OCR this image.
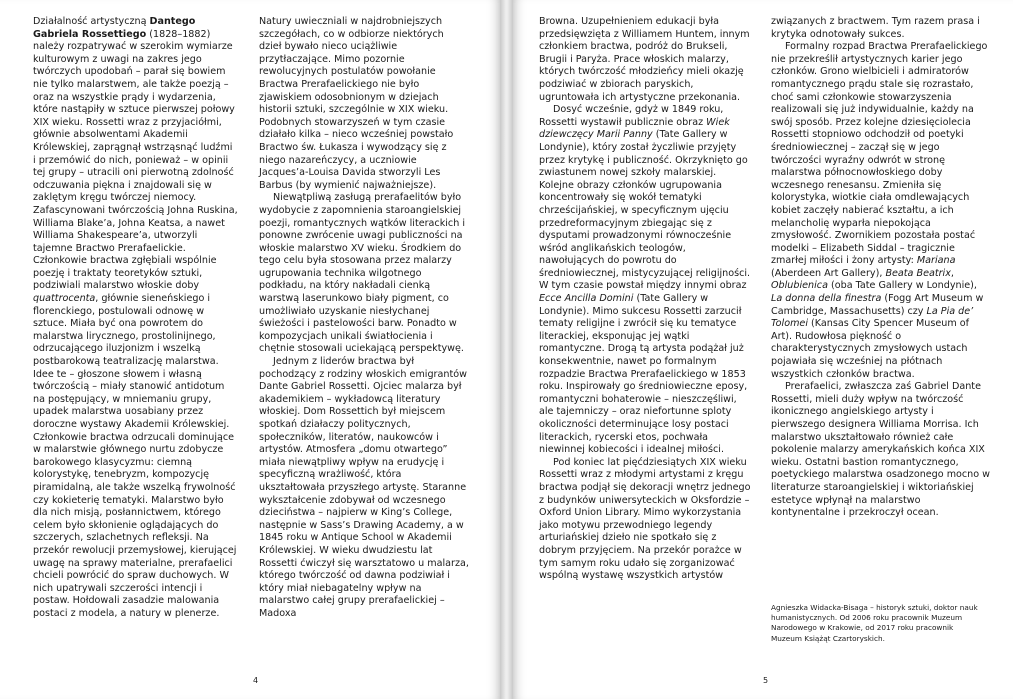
Działalność artystyczną Dantego Gabriela Rossettiego (1828–1882) należy rozpatrywać w szerokim wymiarze kulturowym z uwagi na zakres jego twórczych upodobań – parał się bowiem nie tylko malarstwem, ale także poezją – oraz na wszystkie prądy i wydarzenia, które nastąpiły w sztuce pierwszej połowy XIX wieku. Rossetti wraz z przyjaciółmi, głównie absolwentami Akademii Królewskiej, zaprągnął wstrząsnąć ludźmi i przemówić do nich, ponieważ – w opinii tej grupy – utracili oni pierwotną zdolność odczuwania piękna i znajdowali się w zaklętym kręgu twórczej niemocy. Zafascynowani twórczością Johna Ruskina, Williama Blake’a, Johna Keatsa, a nawet Williama Shakespeare’a, utworzyli tajemne Bractwo Prerafaelickie. Członkowie bractwa zgłębiali wspólnie poezję i traktaty teoretyków sztuki, podziwiali malarstwo włoskie doby quattrocenta, głównie sieneńskiego i florenckiego, postulowali odnowę w sztuce. Miała być ona powrotem do malarstwa lirycznego, prostolinijnego, odrzucającego iluzjonizm i wszelką postbarokową teatralizację malarstwa. Idee te – głoszone słowem i własną twórczością – miały stanowić antidotum na postępujący, w mniemaniu grupy, upadek malarstwa uosabiany przez doroczne wystawy Akademii Królewskiej. Członkowie bractwa odrzucali dominujące w malarstwie głównego nurtu zdobycze barokowego klasycyzmu: ciemną kolorystykę, tenebryzm, kompozycję piramidalną, ale także wszelką frywolność czy kokieterię tematyki. Malarstwo było dla nich misją, posłannictwem, którego celem było skłonienie oglądających do szczerych, szlachetnych refleksji. Na przekór rewolucji przemysłowej, kierującej uwagę na sprawy materialne, prerafaelici chcieli powrócić do spraw duchowych. W nich upatrywali szczerości intencji i postaw. Hołdowali zasadzie malowania postaci z modela, a natury w plenerze.

Natury uwieczniali w najdrobniejszych szczegółach, co w odbiorze niektórych dzieł bywało nieco uciążliwie przytłaczające. Mimo pozornie rewolucyjnych postulatów powołanie Bractwa Prerafaelickiego nie było zjawiskiem odosobnionym w dziejach historii sztuki, szczególnie w XIX wieku. Podobnych stowarzyszeń w tym czasie działało kilka – nieco wcześniej powstało Bractwo św. Łukasza i wywodzący się z niego nazareńczycy, a uczniowie Jacques’a-Louisa Davida stworzyli Les Barbus (by wymienić najważniejsze).

Niewątpliwą zasługą prerafaelitów było wydobycie z zapomnienia staroangielskiej poezji, romantycznych wątków literackich i ponowne zwrócenie uwagi publiczności na włoskie malarstwo XV wieku. Środkiem do tego celu była stosowana przez malarzy ugrupowania technika wilgotnego podkładu, na który nakładali cienką warstwą laserunkowo biały pigment, co umożliwiało uzyskanie niesłychanej świeżości i pastelowości barw. Ponadto w kompozycjach unikali światłocienia i chętnie stosowali uciekającą perspektywę.

Jednym z liderów bractwa był pochodzący z rodziny włoskich emigrantów Dante Gabriel Rossetti. Ojciec malarza był akademikiem – wykładowcą literatury włoskiej. Dom Rossettich był miejscem spotkań działaczy politycznych, społeczników, literatów, naukowców i artystów. Atmosfera „domu otwartego” miała niewątpliwy wpływ na erudycję i specyficzną wrażliwość, która ukształtowała przyszłego artystę. Staranne wykształcenie zdobywał od wczesnego dzieciństwa – najpierw w King’s College, następnie w Sass’s Drawing Academy, a w 1845 roku w Antique School w Akademii Królewskiej. W wieku dwudziestu lat Rossetti ćwiczył się warsztatowo u malarza, którego twórczość od dawna podziwiał i który miał niebagatelny wpływ na malarstwo całej grupy prerafaelickiej – Madoxa

4

Browna. Uzupełnieniem edukacji była przedsięwzięta z Williamem Huntem, innym członkiem bractwa, podróż do Brukseli, Brugii i Paryża. Prace włoskich malarzy, których twórczość młodzieńcy mieli okazję podziwiać w zbiorach paryskich, ugruntowała ich artystyczne przekonania.

Dosyć wcześnie, gdyż w 1849 roku, Rossetti wystawił publicznie obraz Wiek dziewczęcy Marii Panny (Tate Gallery w Londynie), który został życzliwie przyjęty przez krytykę i publiczność. Okrzyknięto go zwiastunem nowej szkoły malarskiej. Kolejne obrazy członków ugrupowania koncentrowały się wokół tematyki chrześcijańskiej, w specyficznym ujęciu przedreformacyjnym zbiegając się z dysputami prowadzonymi równocześnie wśród anglikańskich teologów, nawołujących do powrotu do średniowiecznej, mistycyzującej religijności. W tym czasie powstał między innymi obraz Ecce Ancilla Domini (Tate Gallery w Londynie). Mimo sukcesu Rossetti zarzucił tematy religijne i zwrócił się ku tematyce literackiej, eksponując jej wątki romantyczne. Drogą tą artysta podążał już konsekwentnie, nawet po formalnym rozpadzie Bractwa Prerafaelickiego w 1853 roku. Inspirowały go średniowieczne eposy, romantyczni bohaterowie – nieszczęśliwi, ale tajemniczy – oraz niefortunne sploty okoliczności determinujące losy postaci literackich, rycerski etos, pochwała niewinnej kobiecości i idealnej miłości.

Pod koniec lat pięćdziesiątych XIX wieku Rossetti wraz z młodymi artystami z kręgu bractwa podjął się dekoracji wnętrz jednego z budynków uniwersyteckich w Oksfordzie – Oxford Union Library. Mimo wykorzystania jako motywu przewodniego legendy arturiańskiej dzieło nie spotkało się z dobrym przyjęciem. Na przekór porażce w tym samym roku udało się zorganizować wspólną wystawę wszystkich artystów

związanych z bractwem. Tym razem prasa i krytyka odnotowały sukces.

Formalny rozpad Bractwa Prerafaelickiego nie przekreślił artystycznych karier jego członków. Grono wielbicieli i admiratorów romantycznego prądu stale się rozrastało, choć sami członkowie stowarzyszenia realizowali się już indywidualnie, każdy na swój sposób. Przez kolejne dziesięciolecia Rossetti stopniowo odchodził od poetyki średniowiecznej – zaczął się w jego twórczości wyraźny odwrót w stronę malarstwa północnowłoskiego doby wczesnego renesansu. Zmieniła się kolorystyka, wiotkie ciała omdlewających kobiet zaczęły nabierać kształtu, a ich melancholię wyparła niepokojąca zmysłowość. Zwornikiem pozostała postać modelki – Elizabeth Siddal – tragicznie zmarłej miłości i żony artysty: Mariana (Aberdeen Art Gallery), Beata Beatrix, Oblubienica (oba Tate Gallery w Londynie), La donna della finestra (Fogg Art Museum w Cambridge, Massachusetts) czy La Pia de’ Tolomei (Kansas City Spencer Museum of Art). Rudowłosa piękność o charakterystycznych zmysłowych ustach pojawiała się wcześniej na płótnach wszystkich członków bractwa.

Prerafaelici, zwłaszcza zaś Gabriel Dante Rossetti, mieli duży wpływ na twórczość ikonicznego angielskiego artysty i pierwszego designera Williama Morrisa. Ich malarstwo ukształtowało również całe pokolenie malarzy amerykańskich końca XIX wieku. Ostatni bastion romantycznego, poetyckiego malarstwa osadzonego mocno w literaturze staroangielskiej i wiktoriańskiej estetyce wpłynął na malarstwo kontynentalne i przekroczył ocean.

Agnieszka Widacka-Bisaga – historyk sztuki, doktor nauk humanistycznych. Od 2006 roku pracownik Muzeum Narodowego w Krakowie, od 2017 roku pracownik Muzeum Książąt Czartoryskich.
5
